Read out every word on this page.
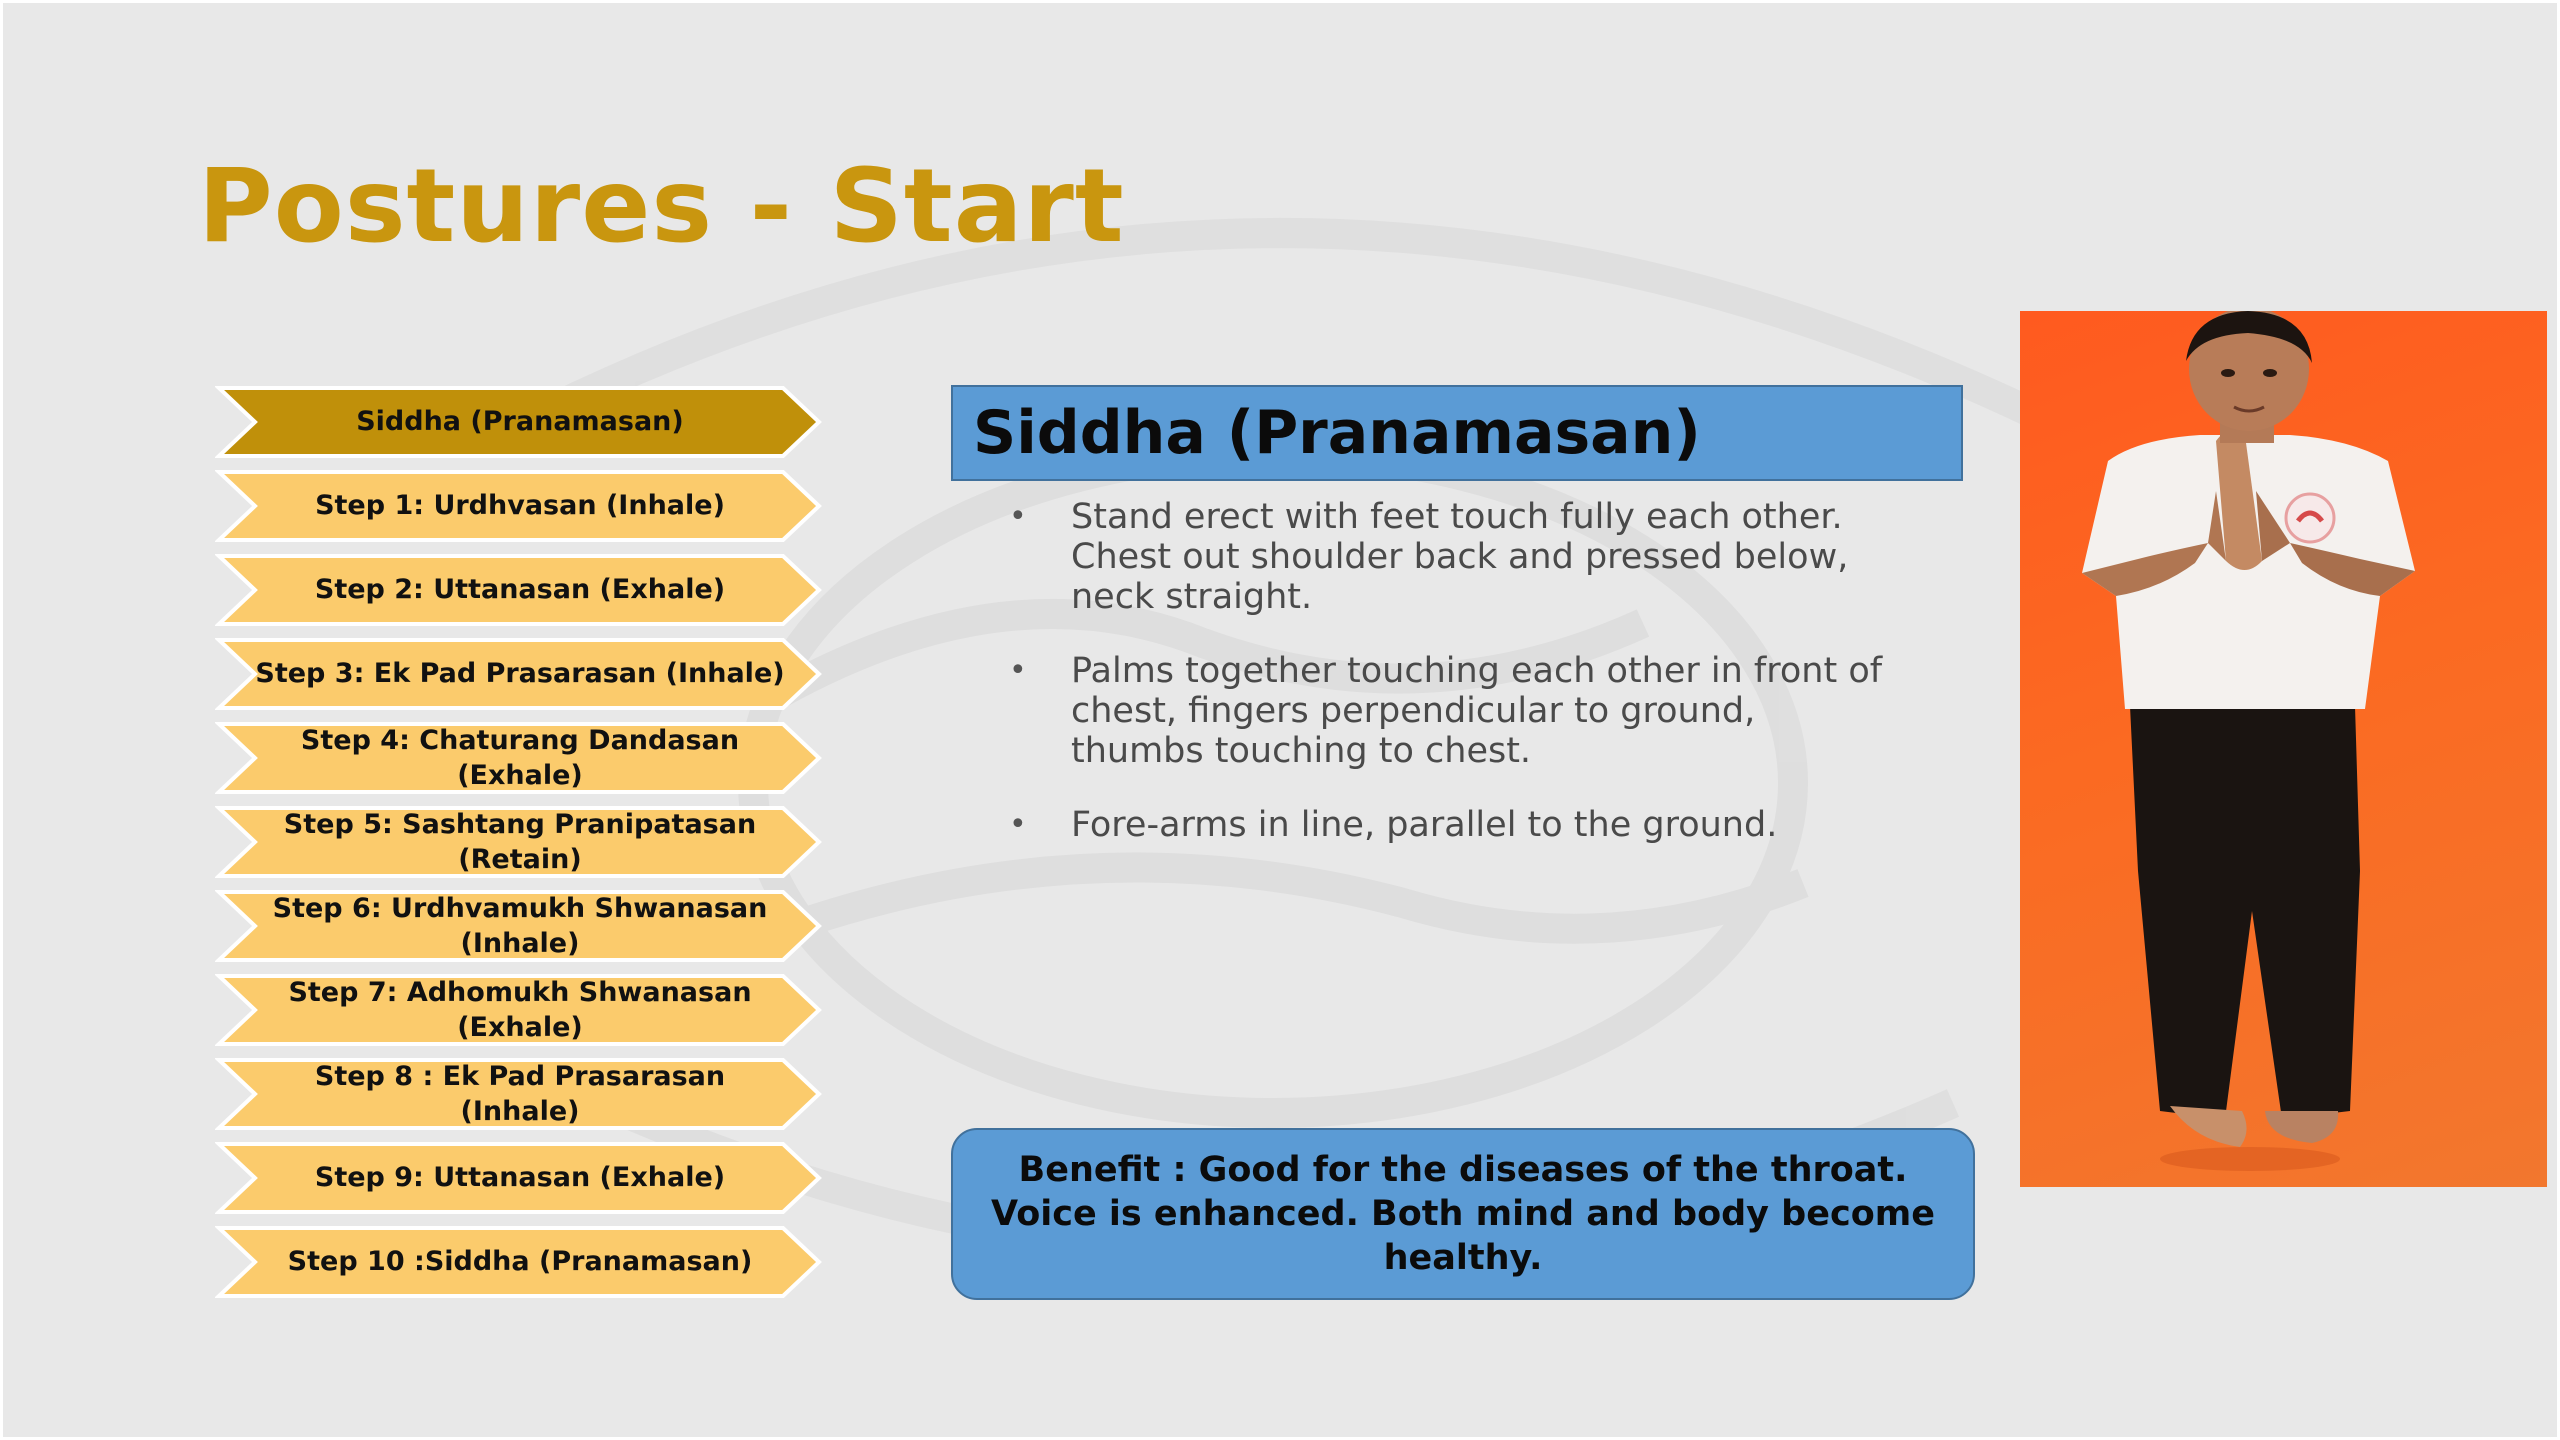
Postures - Start
Siddha (Pranamasan)
Step 1: Urdhvasan (Inhale)
Step 2: Uttanasan (Exhale)
Step 3: Ek Pad Prasarasan (Inhale)
Step 4: Chaturang Dandasan (Exhale)
Step 5: Sashtang Pranipatasan (Retain)
Step 6: Urdhvamukh Shwanasan
(Inhale)
Step 7: Adhomukh Shwanasan (Exhale)
Step 8 : Ek Pad Prasarasan (Inhale)
Step 9: Uttanasan (Exhale)
Step 10 :Siddha (Pranamasan)
Siddha (Pranamasan)
• Stand erect with feet touch fully each other. Chest out shoulder back and pressed below, neck straight.
• Palms together touching each other in front of chest, fingers perpendicular to ground, thumbs touching to chest.
• Fore-arms in line, parallel to the ground.
Benefit : Good for the diseases of the throat. Voice is enhanced. Both mind and body become healthy.
